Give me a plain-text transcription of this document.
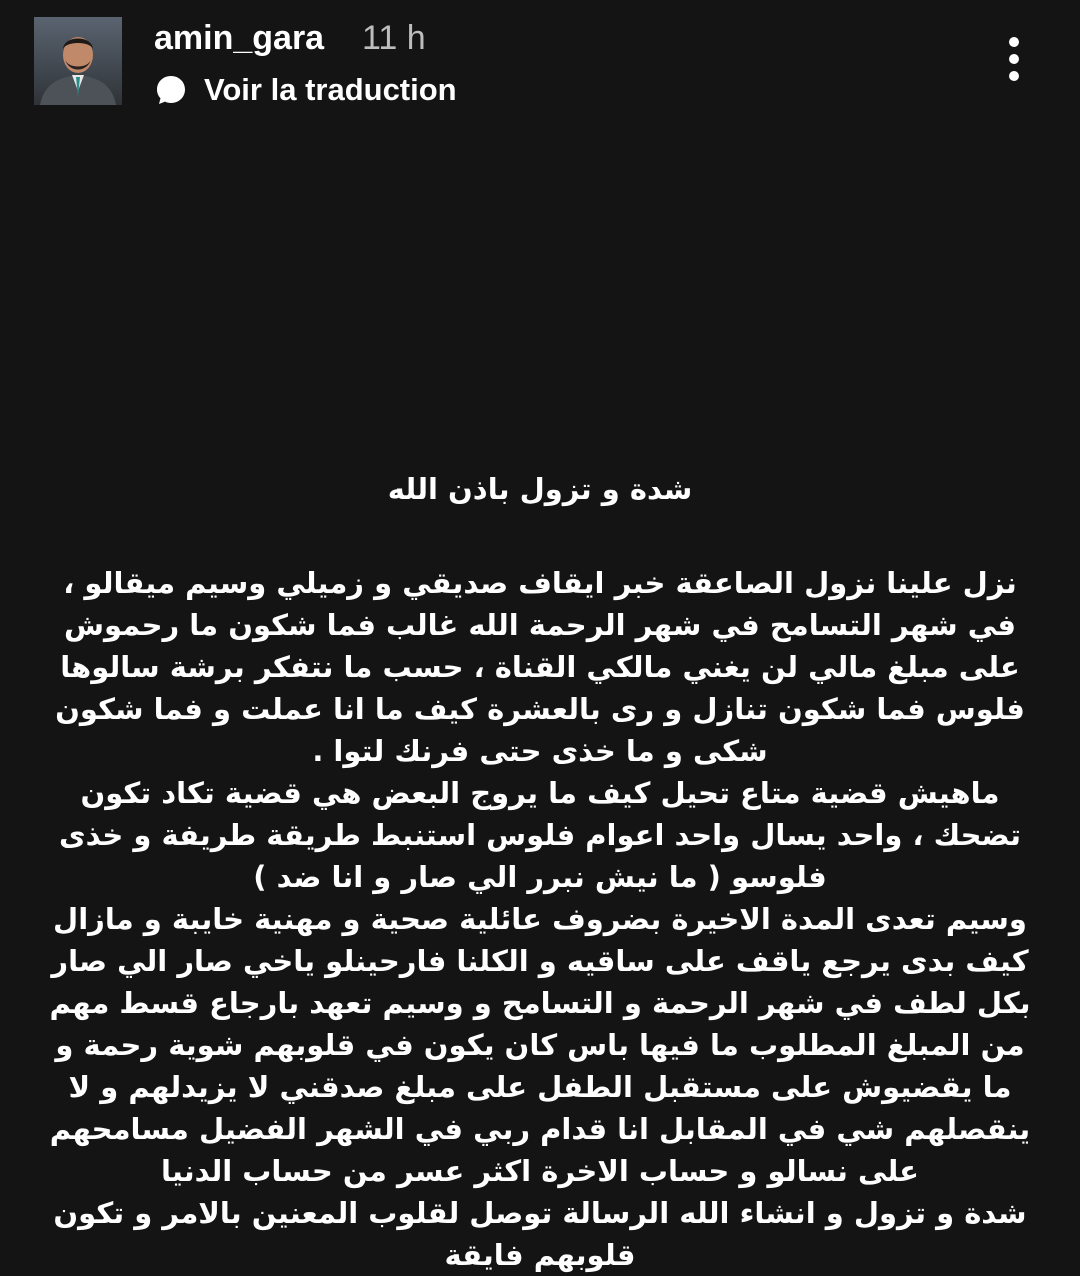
amin_gara 11 h
Voir la traduction
شدة و تزول باذن الله
نزل علينا نزول الصاعقة خبر ايقاف صديقي و زميلي وسيم ميقالو ، في شهر التسامح في شهر الرحمة الله غالب فما شكون ما رحموش على مبلغ مالي لن يغني مالكي القناة ، حسب ما نتفكر برشة سالوها فلوس فما شكون تنازل و رى بالعشرة كيف ما انا عملت و فما شكون شكى و ما خذى حتى فرنك لتوا .
ماهيش قضية متاع تحيل كيف ما يروج البعض هي قضية تكاد تكون تضحك ، واحد يسال واحد اعوام فلوس استنبط طريقة طريفة و خذى فلوسو ( ما نيش نبرر الي صار و انا ضد )
وسيم تعدى المدة الاخيرة بضروف عائلية صحية و مهنية خايبة و مازال كيف بدى يرجع ياقف على ساقيه و الكلنا فارحينلو ياخي صار الي صار
بكل لطف في شهر الرحمة و التسامح و وسيم تعهد بارجاع قسط مهم من المبلغ المطلوب ما فيها باس كان يكون في قلوبهم شوية رحمة و ما يقضيوش على مستقبل الطفل على مبلغ صدقني لا يزيدلهم و لا ينقصلهم شي في المقابل انا قدام ربي في الشهر الفضيل مسامحهم على نسالو و حساب الاخرة اكثر عسر من حساب الدنيا
شدة و تزول و انشاء الله الرسالة توصل لقلوب المعنين بالامر و تكون قلوبهم فايقة
